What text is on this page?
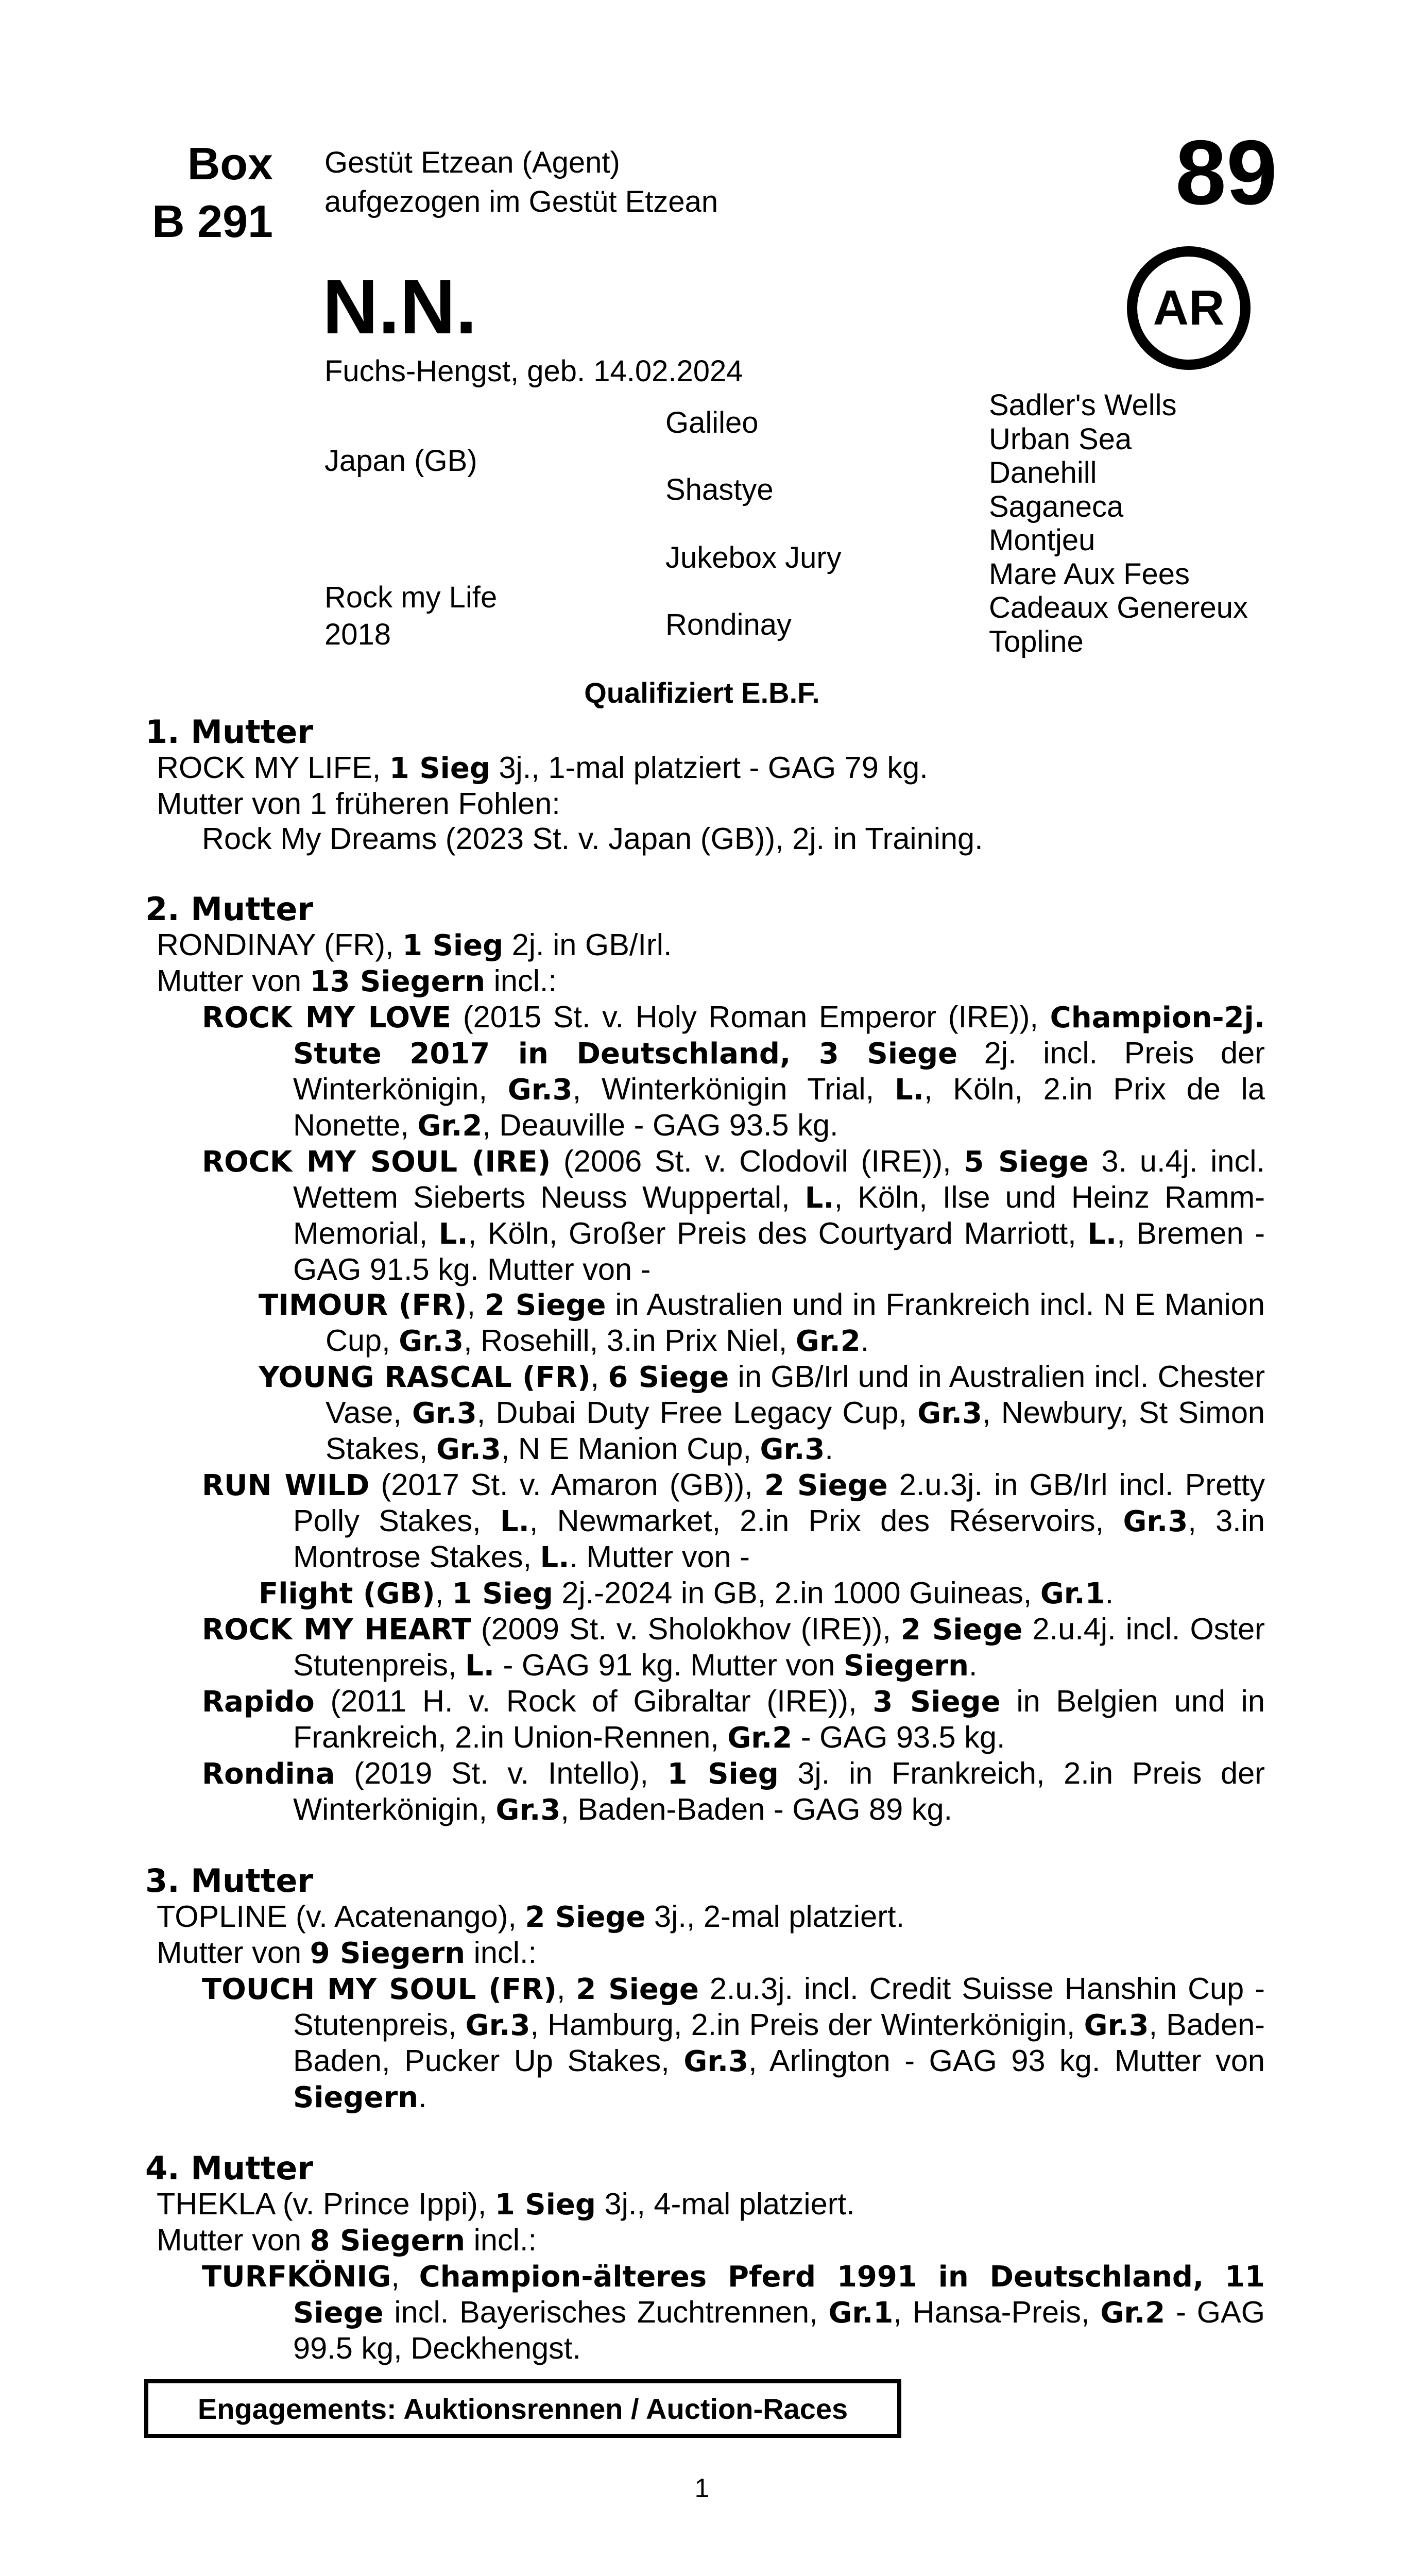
Box
B 291
Gestüt Etzean (Agent)
aufgezogen im Gestüt Etzean	89
AR
N.N.
Fuchs-Hengst, geb. 14.02.2024
Japan (GB)
Rock my Life
2018
Galileo
Shastye
Jukebox Jury
Rondinay
Sadler's Wells
Urban Sea
Danehill
Saganeca
Montjeu
Mare Aux Fees
Cadeaux Genereux
Topline
Qualifiziert E.B.F.
1. Mutter
ROCK MY LIFE, 1 Sieg 3j., 1-mal platziert - GAG 79 kg.
Mutter von 1 früheren Fohlen:
Rock My Dreams (2023 St. v. Japan (GB)), 2j. in Training.
2. Mutter
RONDINAY (FR), 1 Sieg 2j. in GB/Irl.
Mutter von 13 Siegern incl.:
ROCK MY LOVE (2015 St. v. Holy Roman Emperor (IRE)), Champion-2j. Stute 2017 in Deutschland, 3 Siege 2j. incl. Preis der Winterkönigin, Gr.3, Winterkönigin Trial, L., Köln, 2.in Prix de la Nonette, Gr.2, Deauville - GAG 93.5 kg.
ROCK MY SOUL (IRE) (2006 St. v. Clodovil (IRE)), 5 Siege 3. u.4j. incl. Wettem Sieberts Neuss Wuppertal, L., Köln, Ilse und Heinz Ramm-Memorial, L., Köln, Großer Preis des Courtyard Marriott, L., Bremen - GAG 91.5 kg. Mutter von -
TIMOUR (FR), 2 Siege in Australien und in Frankreich incl. N E Manion Cup, Gr.3, Rosehill, 3.in Prix Niel, Gr.2.
YOUNG RASCAL (FR), 6 Siege in GB/Irl und in Australien incl. Chester Vase, Gr.3, Dubai Duty Free Legacy Cup, Gr.3, Newbury, St Simon Stakes, Gr.3, N E Manion Cup, Gr.3.
RUN WILD (2017 St. v. Amaron (GB)), 2 Siege 2.u.3j. in GB/Irl incl. Pretty Polly Stakes, L., Newmarket, 2.in Prix des Réservoirs, Gr.3, 3.in Montrose Stakes, L.. Mutter von -
Flight (GB), 1 Sieg 2j.-2024 in GB, 2.in 1000 Guineas, Gr.1.
ROCK MY HEART (2009 St. v. Sholokhov (IRE)), 2 Siege 2.u.4j. incl. Oster Stutenpreis, L. - GAG 91 kg. Mutter von Siegern.
Rapido (2011 H. v. Rock of Gibraltar (IRE)), 3 Siege in Belgien und in Frankreich, 2.in Union-Rennen, Gr.2 - GAG 93.5 kg.
Rondina (2019 St. v. Intello), 1 Sieg 3j. in Frankreich, 2.in Preis der Winterkönigin, Gr.3, Baden-Baden - GAG 89 kg.
3. Mutter
TOPLINE (v. Acatenango), 2 Siege 3j., 2-mal platziert.
Mutter von 9 Siegern incl.:
TOUCH MY SOUL (FR), 2 Siege 2.u.3j. incl. Credit Suisse Hanshin Cup - Stutenpreis, Gr.3, Hamburg, 2.in Preis der Winterkönigin, Gr.3, Baden-Baden, Pucker Up Stakes, Gr.3, Arlington - GAG 93 kg. Mutter von Siegern.
4. Mutter
THEKLA (v. Prince Ippi), 1 Sieg 3j., 4-mal platziert.
Mutter von 8 Siegern incl.:
TURFKÖNIG, Champion-älteres Pferd 1991 in Deutschland, 11 Siege incl. Bayerisches Zuchtrennen, Gr.1, Hansa-Preis, Gr.2 - GAG 99.5 kg, Deckhengst.
Engagements: Auktionsrennen / Auction-Races
1
